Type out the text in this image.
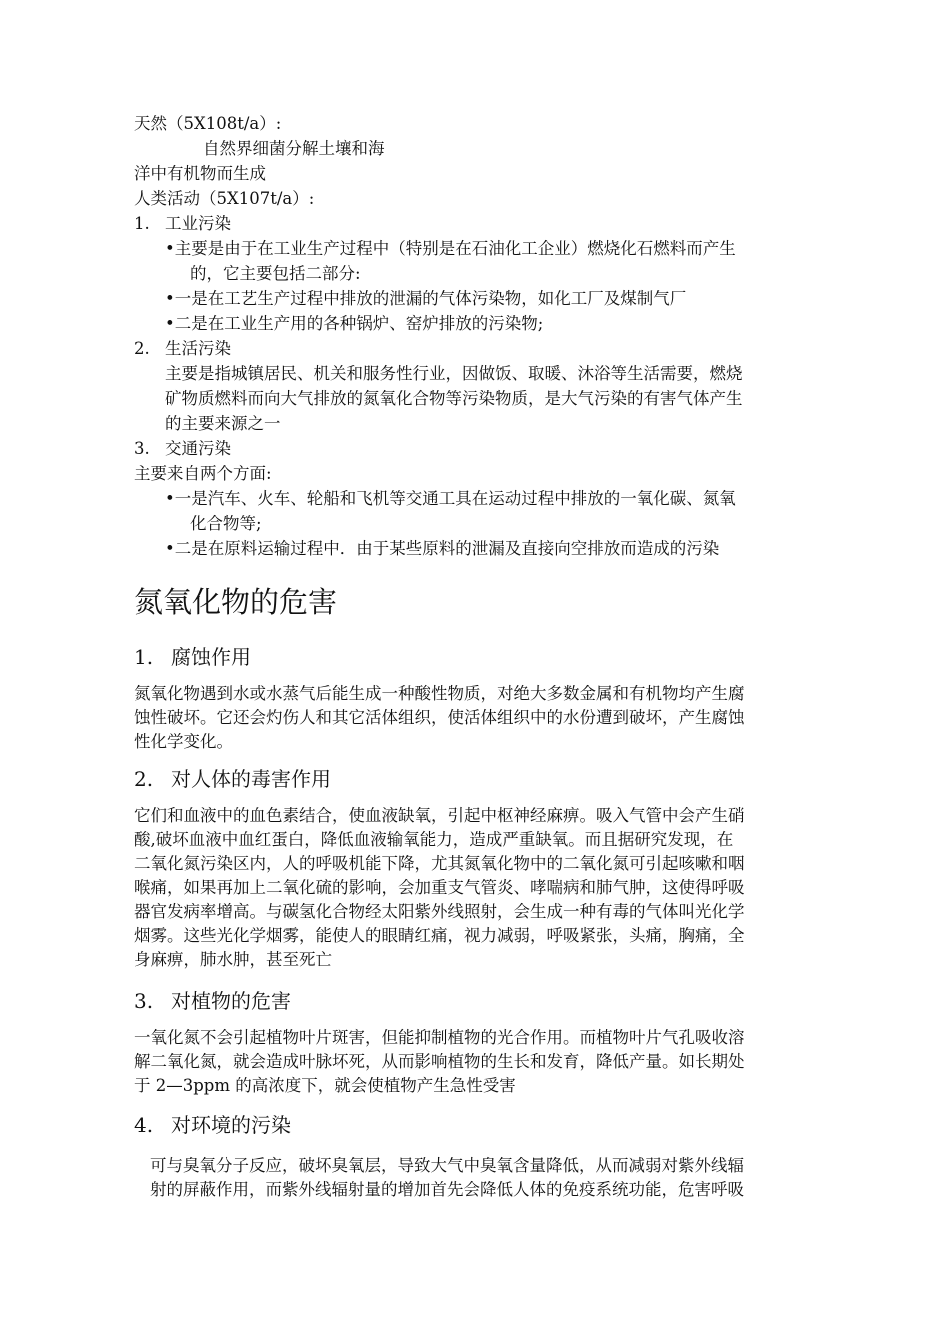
天然（5X108t/a）:
自然界细菌分解土壤和海
洋中有机物而生成
人类活动（5X107t/a）:
1. 工业污染
•主要是由于在工业生产过程中（特别是在石油化工企业）燃烧化石燃料而产生
的，它主要包括二部分:
•一是在工艺生产过程中排放的泄漏的气体污染物，如化工厂及煤制气厂
•二是在工业生产用的各种锅炉、窑炉排放的污染物;
2. 生活污染
主要是指城镇居民、机关和服务性行业，因做饭、取暖、沐浴等生活需要，燃烧
矿物质燃料而向大气排放的氮氧化合物等污染物质，是大气污染的有害气体产生
的主要来源之一
3. 交通污染
主要来自两个方面:
•一是汽车、火车、轮船和飞机等交通工具在运动过程中排放的一氧化碳、氮氧
化合物等;
•二是在原料运输过程中．由于某些原料的泄漏及直接向空排放而造成的污染
氮氧化物的危害
1. 腐蚀作用
氮氧化物遇到水或水蒸气后能生成一种酸性物质，对绝大多数金属和有机物均产生腐
蚀性破坏。它还会灼伤人和其它活体组织，使活体组织中的水份遭到破坏，产生腐蚀
性化学变化。
2. 对人体的毒害作用
它们和血液中的血色素结合，使血液缺氧，引起中枢神经麻痹。吸入气管中会产生硝
酸,破坏血液中血红蛋白，降低血液输氧能力，造成严重缺氧。而且据研究发现，在
二氧化氮污染区内，人的呼吸机能下降，尤其氮氧化物中的二氧化氮可引起咳嗽和咽
喉痛，如果再加上二氧化硫的影响，会加重支气管炎、哮喘病和肺气肿，这使得呼吸
器官发病率增高。与碳氢化合物经太阳紫外线照射，会生成一种有毒的气体叫光化学
烟雾。这些光化学烟雾，能使人的眼睛红痛，视力减弱，呼吸紧张，头痛，胸痛，全
身麻痹，肺水肿，甚至死亡
3. 对植物的危害
一氧化氮不会引起植物叶片斑害，但能抑制植物的光合作用。而植物叶片气孔吸收溶
解二氧化氮，就会造成叶脉坏死，从而影响植物的生长和发育，降低产量。如长期处
于 2—3ppm 的高浓度下，就会使植物产生急性受害
4. 对环境的污染
可与臭氧分子反应，破坏臭氧层，导致大气中臭氧含量降低，从而减弱对紫外线辐
射的屏蔽作用，而紫外线辐射量的增加首先会降低人体的免疫系统功能，危害呼吸
